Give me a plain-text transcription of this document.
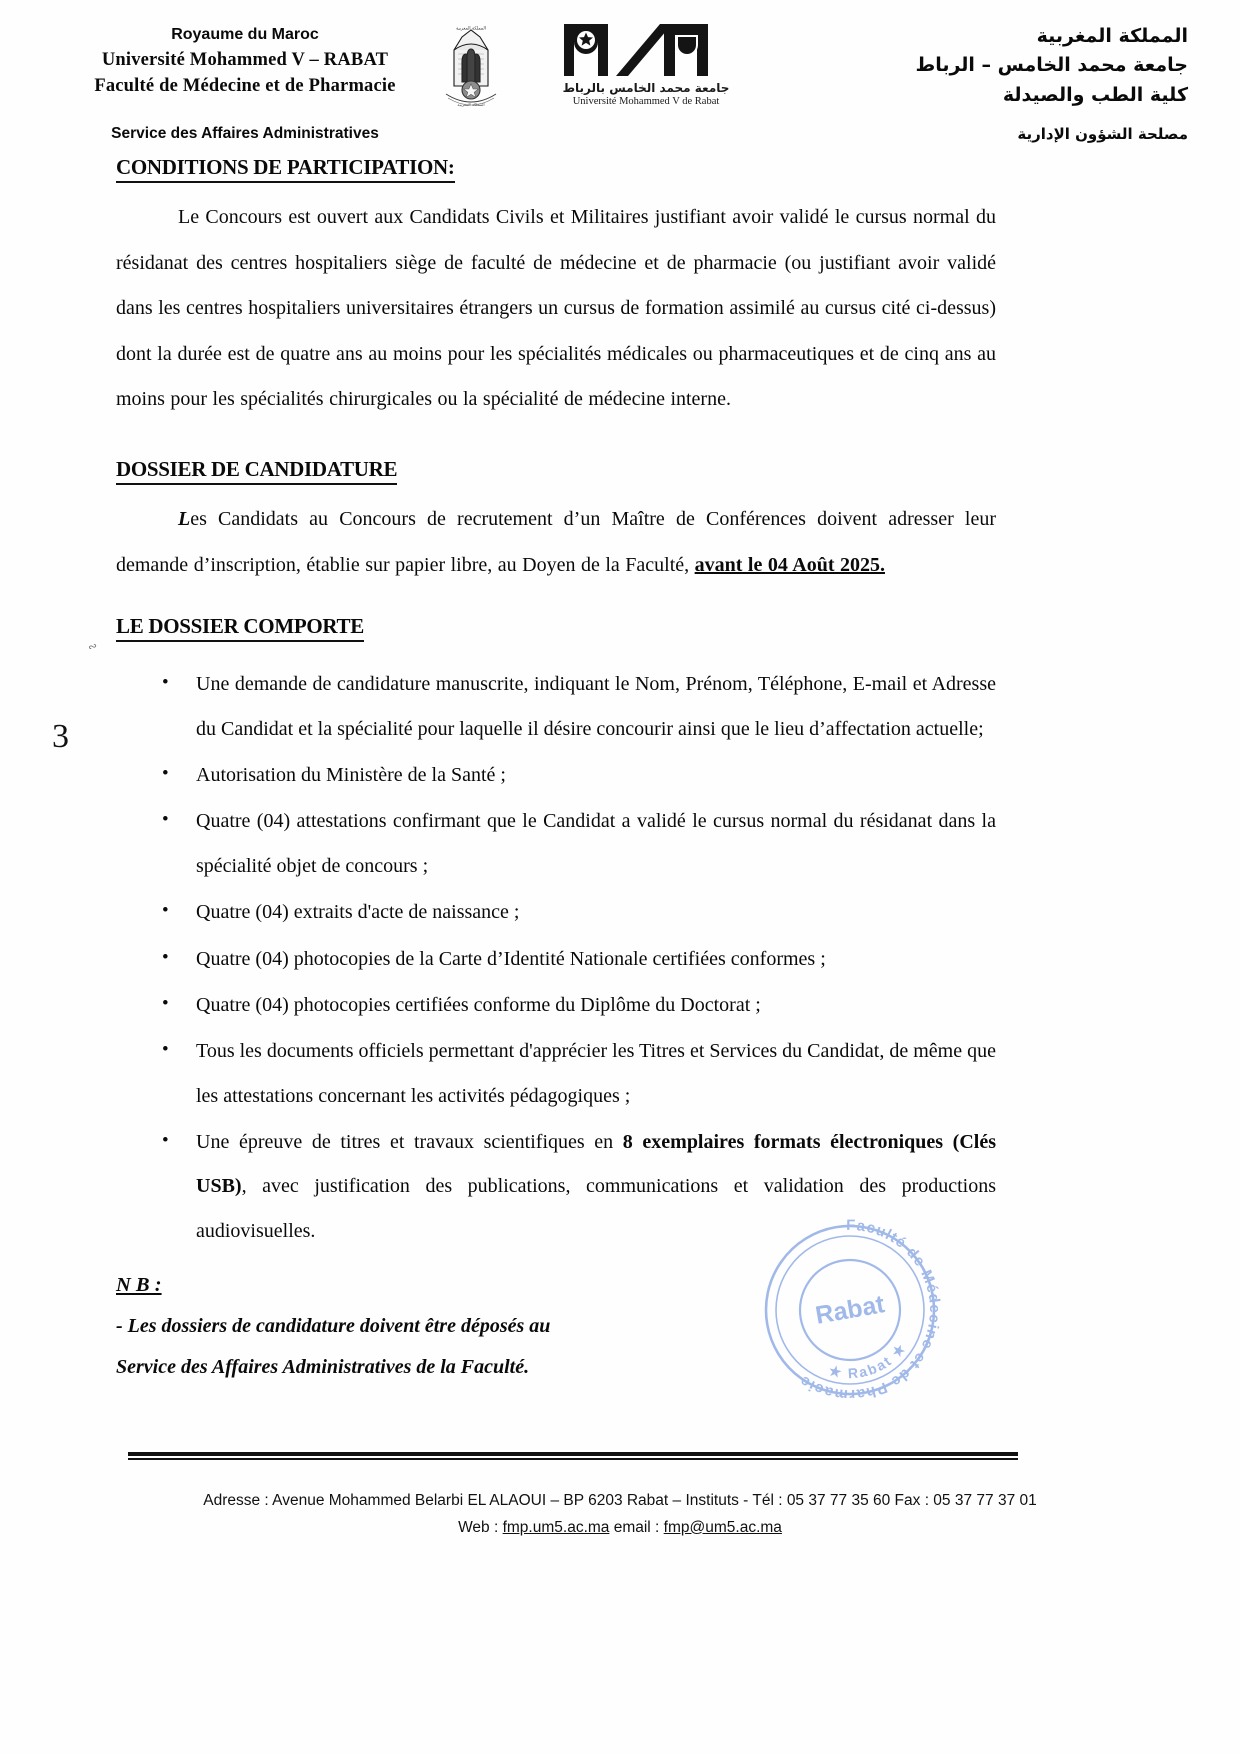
Royaume du Maroc
Université Mohammed V – RABAT
Faculté de Médecine et de Pharmacie
Service des Affaires Administratives
المملكة المغربية
المملكة المغربية
جامعة محمد الخامس بالرباط
Université Mohammed V de Rabat
المملكة المغربية
جامعة محمد الخامس – الرباط
كلية الطب والصيدلة
مصلحة الشؤون الإدارية
3
∾
CONDITIONS DE PARTICIPATION:

Le Concours est ouvert aux Candidats Civils et Militaires justifiant avoir validé le cursus normal du résidanat des centres hospitaliers siège de faculté de médecine et de pharmacie (ou justifiant avoir validé dans les centres hospitaliers universitaires étrangers un cursus de formation assimilé au cursus cité ci-dessus) dont la durée est de quatre ans au moins pour les spécialités médicales ou pharmaceutiques et de cinq ans au moins pour les spécialités chirurgicales ou la spécialité de médecine interne.

DOSSIER DE CANDIDATURE

Les Candidats au Concours de recrutement d’un Maître de Conférences doivent adresser leur demande d’inscription, établie sur papier libre, au Doyen de la Faculté, avant le 04 Août 2025.

LE DOSSIER COMPORTE
• Une demande de candidature manuscrite, indiquant le Nom, Prénom, Téléphone, E-mail et Adresse du Candidat et la spécialité pour laquelle il désire concourir ainsi que le lieu d’affectation actuelle;
• Autorisation du Ministère de la Santé ;
• Quatre (04) attestations confirmant que le Candidat a validé le cursus normal du résidanat dans la spécialité objet de concours ;
• Quatre (04) extraits d'acte de naissance ;
• Quatre (04) photocopies de la Carte d’Identité Nationale certifiées conformes ;
• Quatre (04) photocopies certifiées conforme du Diplôme du Doctorat ;
• Tous les documents officiels permettant d'apprécier les Titres et Services du Candidat, de même que les attestations concernant les activités pédagogiques ;
• Une épreuve de titres et travaux scientifiques en 8 exemplaires formats électroniques (Clés USB), avec justification des publications, communications et validation des productions audiovisuelles.
N B :
- Les dossiers de candidature doivent être déposés au
Service des Affaires Administratives de la Faculté.
Faculté de Médecine et de Pharmacie
★ Rabat ★
Rabat
Adresse : Avenue Mohammed Belarbi EL ALAOUI – BP 6203 Rabat – Instituts - Tél : 05 37 77 35 60 Fax : 05 37 77 37 01
Web : fmp.um5.ac.ma email : fmp@um5.ac.ma
